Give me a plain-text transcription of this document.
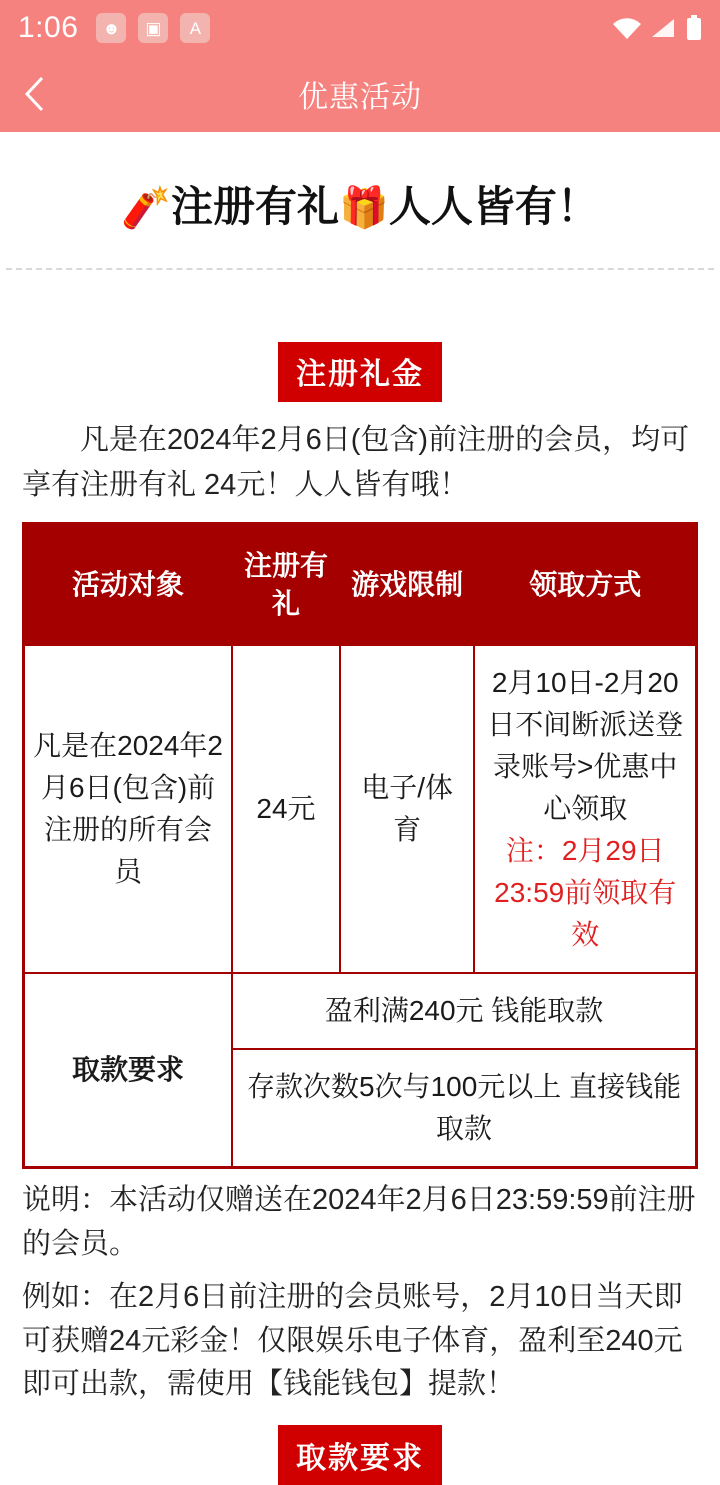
1:06	☻	▣	A
优惠活动
🧨注册有礼🎁人人皆有！
注册礼金
凡是在2024年2月6日(包含)前注册的会员，均可享有注册有礼 24元！人人皆有哦！
活动对象	注册有礼	游戏限制	领取方式
凡是在2024年2月6日(包含)前注册的所有会员	24元	电子/体育	2月10日-2月20日不间断派送登录账号>优惠中心领取
注：2月29日23:59前领取有效

取款要求	盈利满240元 钱能取款		
	存款次数5次与100元以上 直接钱能取款		
说明：本活动仅赠送在2024年2月6日23:59:59前注册的会员。
例如：在2月6日前注册的会员账号，2月10日当天即可获赠24元彩金！仅限娱乐电子体育，盈利至240元即可出款，需使用【钱能钱包】提款！
取款要求
